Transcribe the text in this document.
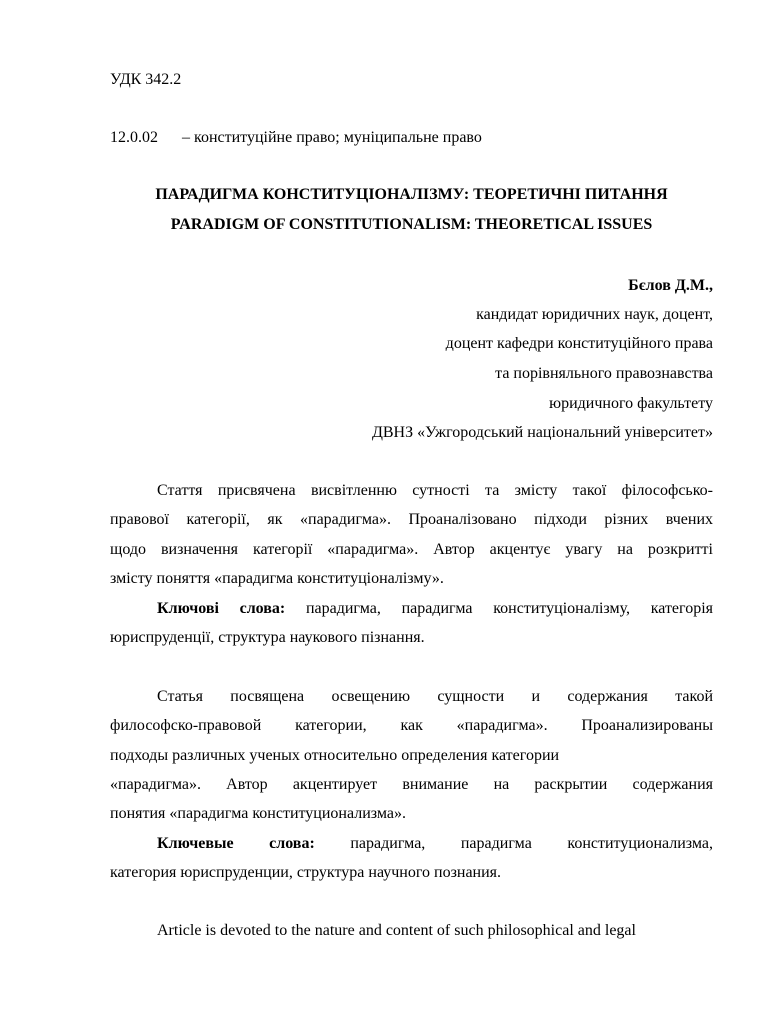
УДК 342.2
12.0.02 – конституційне право; муніципальне право
ПАРАДИГМА КОНСТИТУЦІОНАЛІЗМУ: ТЕОРЕТИЧНІ ПИТАННЯ
PARADIGM OF CONSTITUTIONALISM: THEORETICAL ISSUES
Бєлов Д.М.,
кандидат юридичних наук, доцент,
доцент кафедри конституційного права
та порівняльного правознавства
юридичного факультету
ДВНЗ «Ужгородський національний університет»
Стаття присвячена висвітленню сутності та змісту такої філософсько-
правової категорії, як «парадигма». Проаналізовано підходи різних вчених
щодо визначення категорії «парадигма». Автор акцентує увагу на розкритті
змісту поняття «парадигма конституціоналізму».
Ключові слова: парадигма, парадигма конституціоналізму, категорія
юриспруденції, структура наукового пізнання.
Статья посвящена освещению сущности и содержания такой
философско-правовой категории, как «парадигма». Проанализированы
подходы различных ученых относительно определения категории
«парадигма». Автор акцентирует внимание на раскрытии содержания
понятия «парадигма конституционализма».
Ключевые слова: парадигма, парадигма конституционализма,
категория юриспруденции, структура научного познания.
Article is devoted to the nature and content of such philosophical and legal
